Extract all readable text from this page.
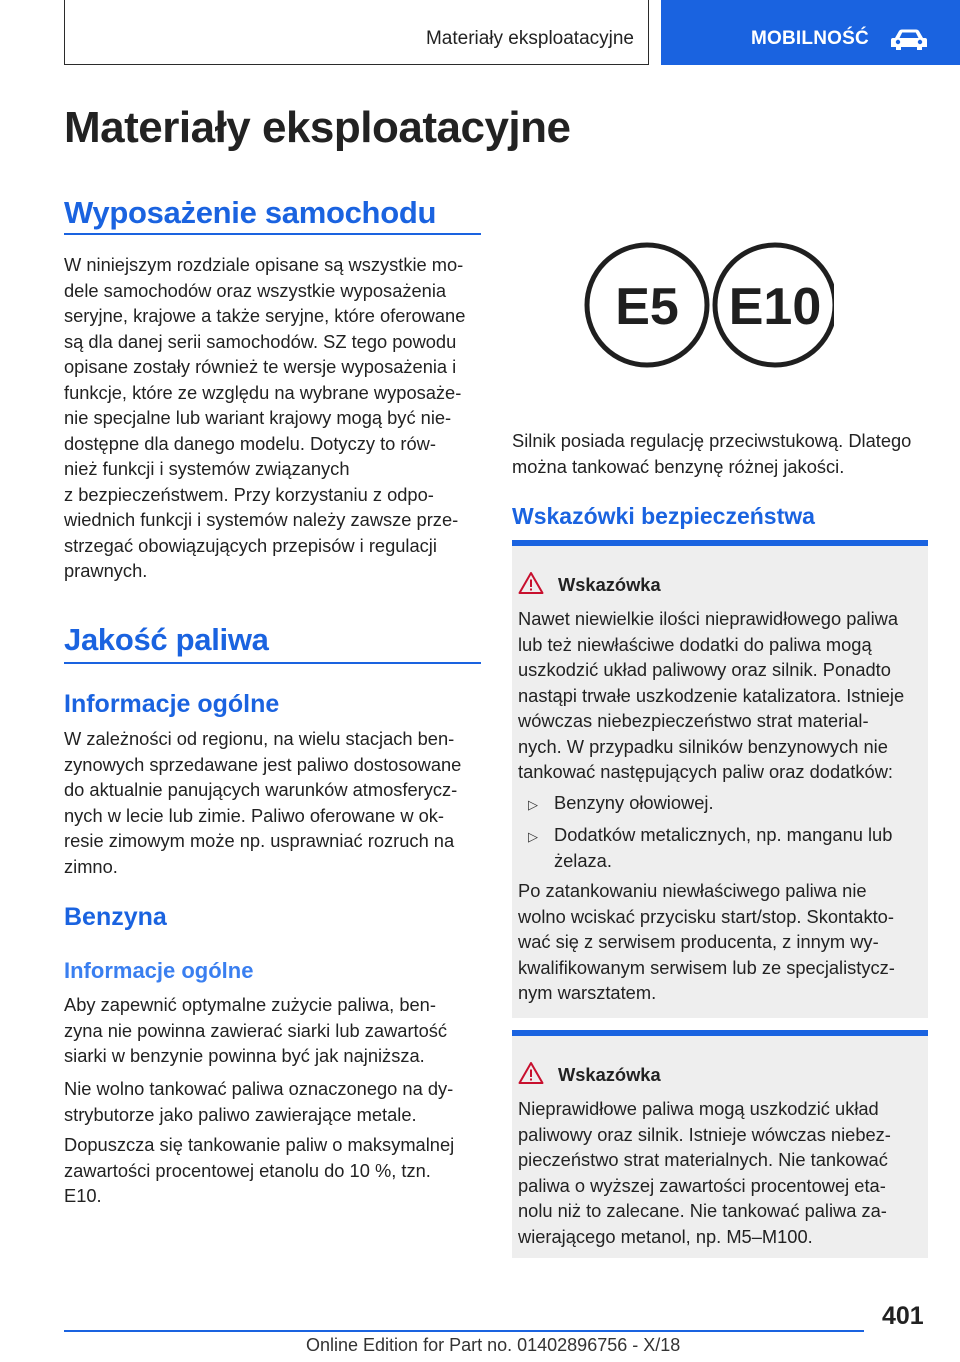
Materiały eksploatacyjne	MOBILNOŚĆ
Materiały eksploatacyjne
Wyposażenie samochodu
W niniejszym rozdziale opisane są wszystkie mo‐
dele samochodów oraz wszystkie wyposażenia
seryjne, krajowe a także seryjne, które oferowane
są dla danej serii samochodów. SZ tego powodu
opisane zostały również te wersje wyposażenia i
funkcje, które ze względu na wybrane wyposaże‐
nie specjalne lub wariant krajowy mogą być nie‐
dostępne dla danego modelu. Dotyczy to rów‐
nież funkcji i systemów związanych
z bezpieczeństwem. Przy korzystaniu z odpo‐
wiednich funkcji i systemów należy zawsze prze‐
strzegać obowiązujących przepisów i regulacji
prawnych.
Jakość paliwa
Informacje ogólne
W zależności od regionu, na wielu stacjach ben‐
zynowych sprzedawane jest paliwo dostosowane
do aktualnie panujących warunków atmosferycz‐
nych w lecie lub zimie. Paliwo oferowane w ok‐
resie zimowym może np. usprawniać rozruch na
zimno.
Benzyna
Informacje ogólne
Aby zapewnić optymalne zużycie paliwa, ben‐
zyna nie powinna zawierać siarki lub zawartość
siarki w benzynie powinna być jak najniższa.
Nie wolno tankować paliwa oznaczonego na dy‐
strybutorze jako paliwo zawierające metale.
Dopuszcza się tankowanie paliw o maksymalnej
zawartości procentowej etanolu do 10 %, tzn.
E10.
E5 E10
Silnik posiada regulację przeciwstukową. Dlatego
można tankować benzynę różnej jakości.
Wskazówki bezpieczeństwa
Wskazówka
Nawet niewielkie ilości nieprawidłowego paliwa
lub też niewłaściwe dodatki do paliwa mogą
uszkodzić układ paliwowy oraz silnik. Ponadto
nastąpi trwałe uszkodzenie katalizatora. Istnieje
wówczas niebezpieczeństwo strat material‐
nych. W przypadku silników benzynowych nie
tankować następujących paliw oraz dodatków:
▷ Benzyny ołowiowej.
▷ Dodatków metalicznych, np. manganu lub
żelaza.
Po zatankowaniu niewłaściwego paliwa nie
wolno wciskać przycisku start/stop. Skontakto‐
wać się z serwisem producenta, z innym wy‐
kwalifikowanym serwisem lub ze specjalistycz‐
nym warsztatem.
Wskazówka
Nieprawidłowe paliwa mogą uszkodzić układ
paliwowy oraz silnik. Istnieje wówczas niebez‐
pieczeństwo strat materialnych. Nie tankować
paliwa o wyższej zawartości procentowej eta‐
nolu niż to zalecane. Nie tankować paliwa za‐
wierającego metanol, np. M5–M100.
401
Online Edition for Part no. 01402896756 - X/18
